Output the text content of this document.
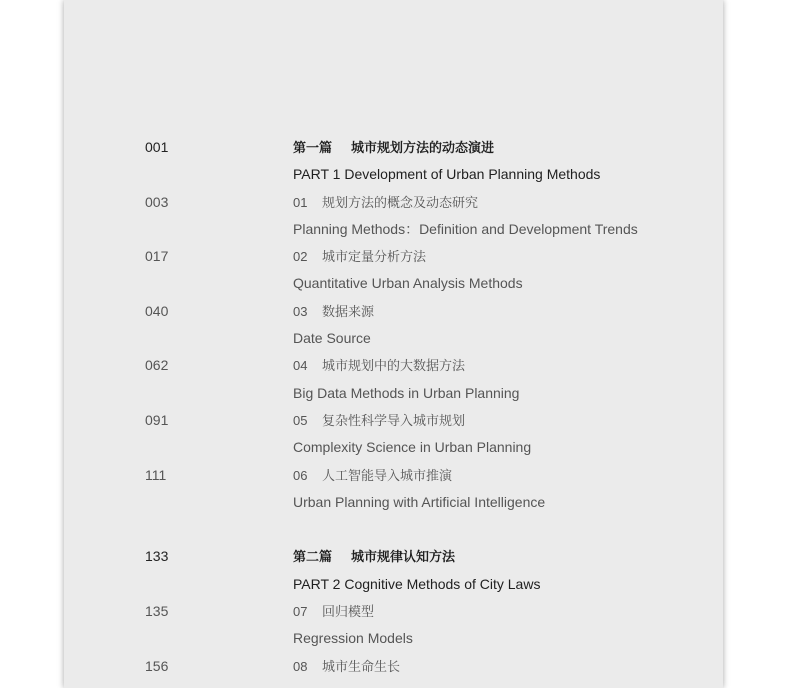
001	第一篇 城市规划方法的动态演进
PART 1 Development of Urban Planning Methods
003	01 规划方法的概念及动态研究
Planning Methods：Definition and Development Trends
017	02 城市定量分析方法
Quantitative Urban Analysis Methods
040	03 数据来源
Date Source
062	04 城市规划中的大数据方法
Big Data Methods in Urban Planning
091	05 复杂性科学导入城市规划
Complexity Science in Urban Planning
111	06 人工智能导入城市推演
Urban Planning with Artificial Intelligence
133	第二篇 城市规律认知方法
PART 2 Cognitive Methods of City Laws
135	07 回归模型
Regression Models
156	08 城市生命生长
